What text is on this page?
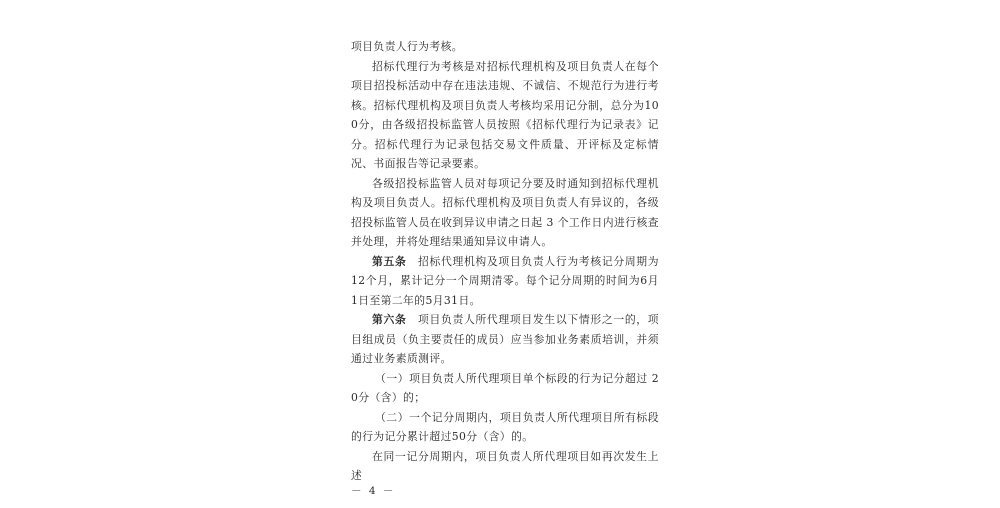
项目负责人行为考核。

招标代理行为考核是对招标代理机构及项目负责人在每个项目招投标活动中存在违法违规、不诚信、不规范行为进行考核。招标代理机构及项目负责人考核均采用记分制，总分为100分，由各级招投标监管人员按照《招标代理行为记录表》记分。招标代理行为记录包括交易文件质量、开评标及定标情况、书面报告等记录要素。

各级招投标监管人员对每项记分要及时通知到招标代理机构及项目负责人。招标代理机构及项目负责人有异议的，各级招投标监管人员在收到异议申请之日起 3 个工作日内进行核查并处理，并将处理结果通知异议申请人。

第五条　招标代理机构及项目负责人行为考核记分周期为12个月，累计记分一个周期清零。每个记分周期的时间为6月1日至第二年的5月31日。

第六条　项目负责人所代理项目发生以下情形之一的，项目组成员（负主要责任的成员）应当参加业务素质培训，并须通过业务素质测评。

（一）项目负责人所代理项目单个标段的行为记分超过 20分（含）的；

（二）一个记分周期内，项目负责人所代理项目所有标段的行为记分累计超过50分（含）的。

在同一记分周期内，项目负责人所代理项目如再次发生上述

－ 4 －
